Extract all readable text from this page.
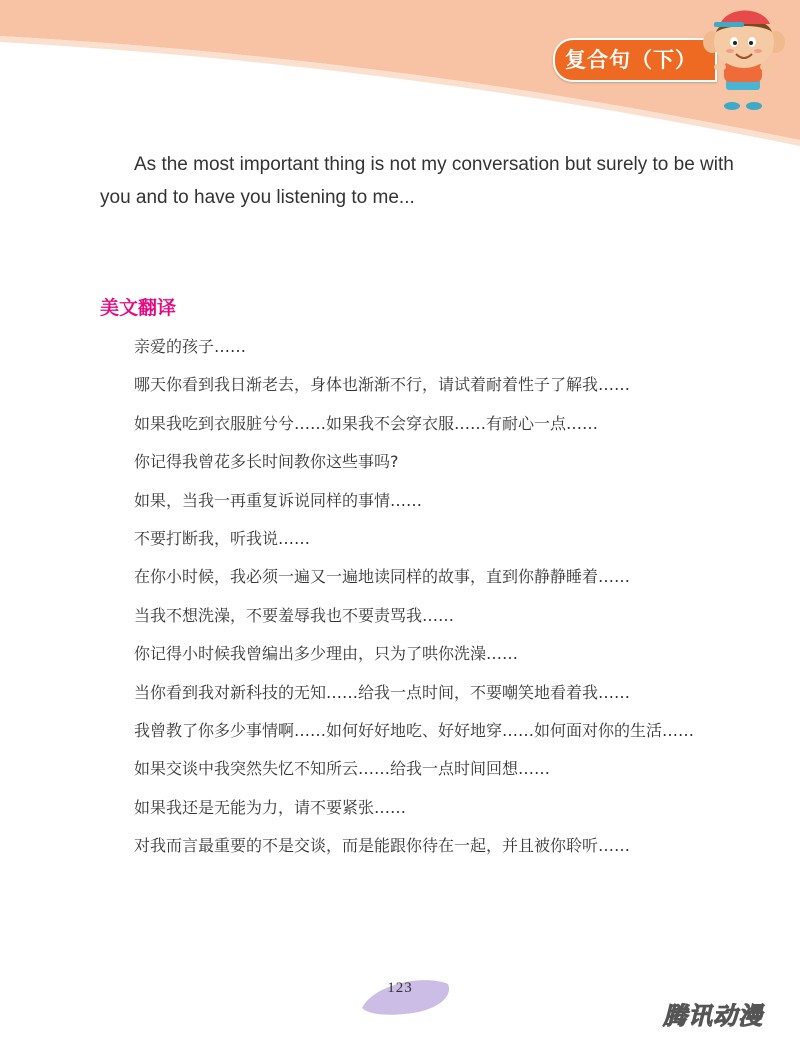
复合句（下）
As the most important thing is not my conversation but surely to be with you and to have you listening to me...
美文翻译
亲爱的孩子……
哪天你看到我日渐老去，身体也渐渐不行，请试着耐着性子了解我……
如果我吃到衣服脏兮兮……如果我不会穿衣服……有耐心一点……
你记得我曾花多长时间教你这些事吗?
如果，当我一再重复诉说同样的事情……
不要打断我，听我说……
在你小时候，我必须一遍又一遍地读同样的故事，直到你静静睡着……
当我不想洗澡，不要羞辱我也不要责骂我……
你记得小时候我曾编出多少理由，只为了哄你洗澡……
当你看到我对新科技的无知……给我一点时间，不要嘲笑地看着我……
我曾教了你多少事情啊……如何好好地吃、好好地穿……如何面对你的生活……
如果交谈中我突然失忆不知所云……给我一点时间回想……
如果我还是无能为力，请不要紧张……
对我而言最重要的不是交谈，而是能跟你待在一起，并且被你聆听……
123
腾讯动漫
